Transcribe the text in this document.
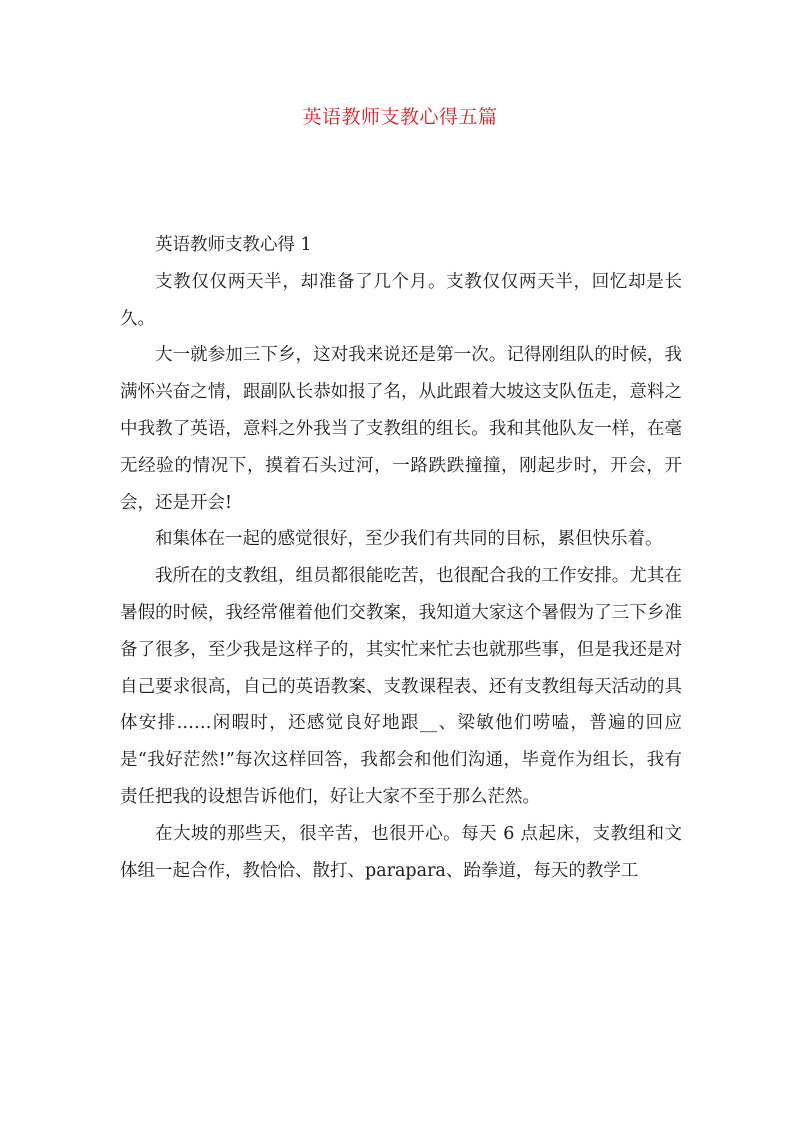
英语教师支教心得五篇

英语教师支教心得 1

支教仅仅两天半，却准备了几个月。支教仅仅两天半，回忆却是长久。

大一就参加三下乡，这对我来说还是第一次。记得刚组队的时候，我满怀兴奋之情，跟副队长恭如报了名，从此跟着大坡这支队伍走，意料之中我教了英语，意料之外我当了支教组的组长。我和其他队友一样，在毫无经验的情况下，摸着石头过河，一路跌跌撞撞，刚起步时，开会，开会，还是开会!

和集体在一起的感觉很好，至少我们有共同的目标，累但快乐着。

我所在的支教组，组员都很能吃苦，也很配合我的工作安排。尤其在暑假的时候，我经常催着他们交教案，我知道大家这个暑假为了三下乡准备了很多，至少我是这样子的，其实忙来忙去也就那些事，但是我还是对自己要求很高，自己的英语教案、支教课程表、还有支教组每天活动的具体安排……闲暇时，还感觉良好地跟__、梁敏他们唠嗑，普遍的回应是“我好茫然!”每次这样回答，我都会和他们沟通，毕竟作为组长，我有责任把我的设想告诉他们，好让大家不至于那么茫然。

在大坡的那些天，很辛苦，也很开心。每天 6 点起床，支教组和文体组一起合作，教恰恰、散打、parapara、跆拳道，每天的教学工
